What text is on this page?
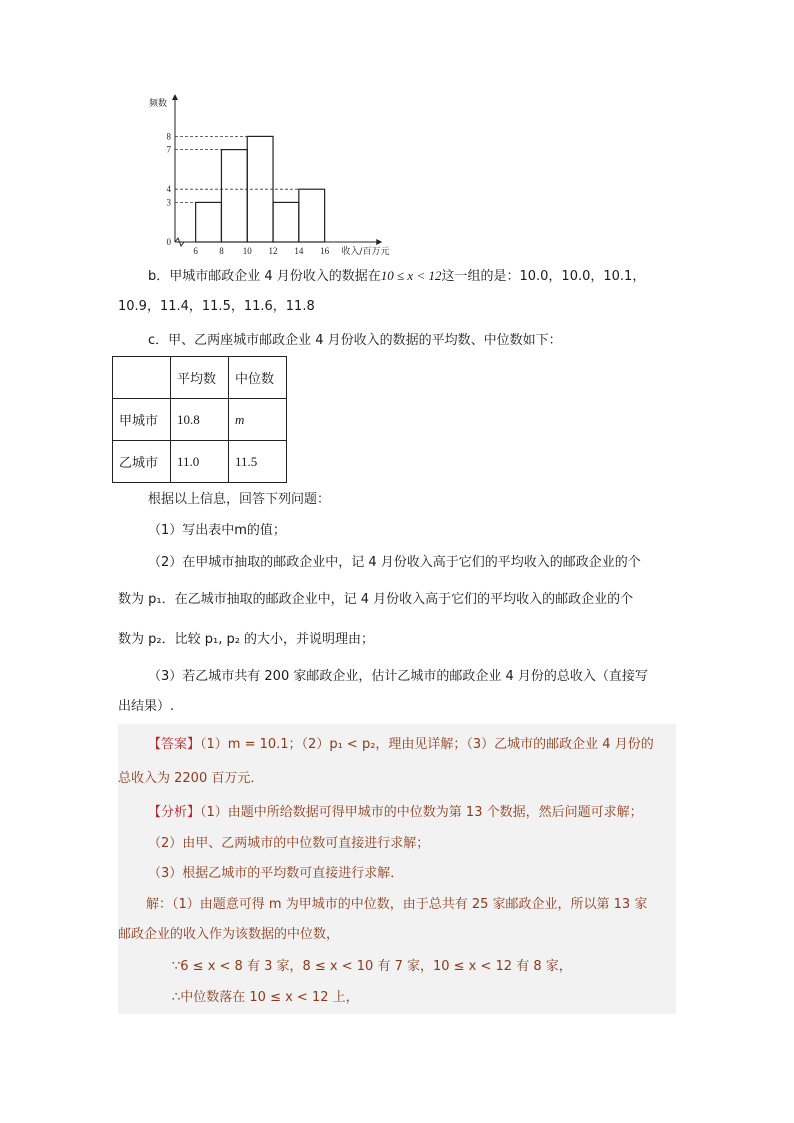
0
3
4
7
8
6 8 10 12 14 16
频数
收入/百万元
b．甲城市邮政企业 4 月份收入的数据在10 ≤ x < 12这一组的是：10.0，10.0，10.1，
10.9，11.4，11.5，11.6，11.8
c．甲、乙两座城市邮政企业 4 月份收入的数据的平均数、中位数如下：
	平均数	中位数
甲城市	10.8	m
乙城市	11.0	11.5
根据以上信息，回答下列问题：
（1）写出表中m的值；
（2）在甲城市抽取的邮政企业中，记 4 月份收入高于它们的平均收入的邮政企业的个
数为 p₁．在乙城市抽取的邮政企业中，记 4 月份收入高于它们的平均收入的邮政企业的个
数为 p₂．比较 p₁, p₂ 的大小，并说明理由；
（3）若乙城市共有 200 家邮政企业，估计乙城市的邮政企业 4 月份的总收入（直接写
出结果）.
【答案】（1）m = 10.1；（2）p₁ < p₂，理由见详解；（3）乙城市的邮政企业 4 月份的
总收入为 2200 百万元．
【分析】（1）由题中所给数据可得甲城市的中位数为第 13 个数据，然后问题可求解；
（2）由甲、乙两城市的中位数可直接进行求解；
（3）根据乙城市的平均数可直接进行求解．
解：（1）由题意可得 m 为甲城市的中位数，由于总共有 25 家邮政企业，所以第 13 家
邮政企业的收入作为该数据的中位数，
∵6 ≤ x < 8 有 3 家，8 ≤ x < 10 有 7 家，10 ≤ x < 12 有 8 家，
∴中位数落在 10 ≤ x < 12 上，
